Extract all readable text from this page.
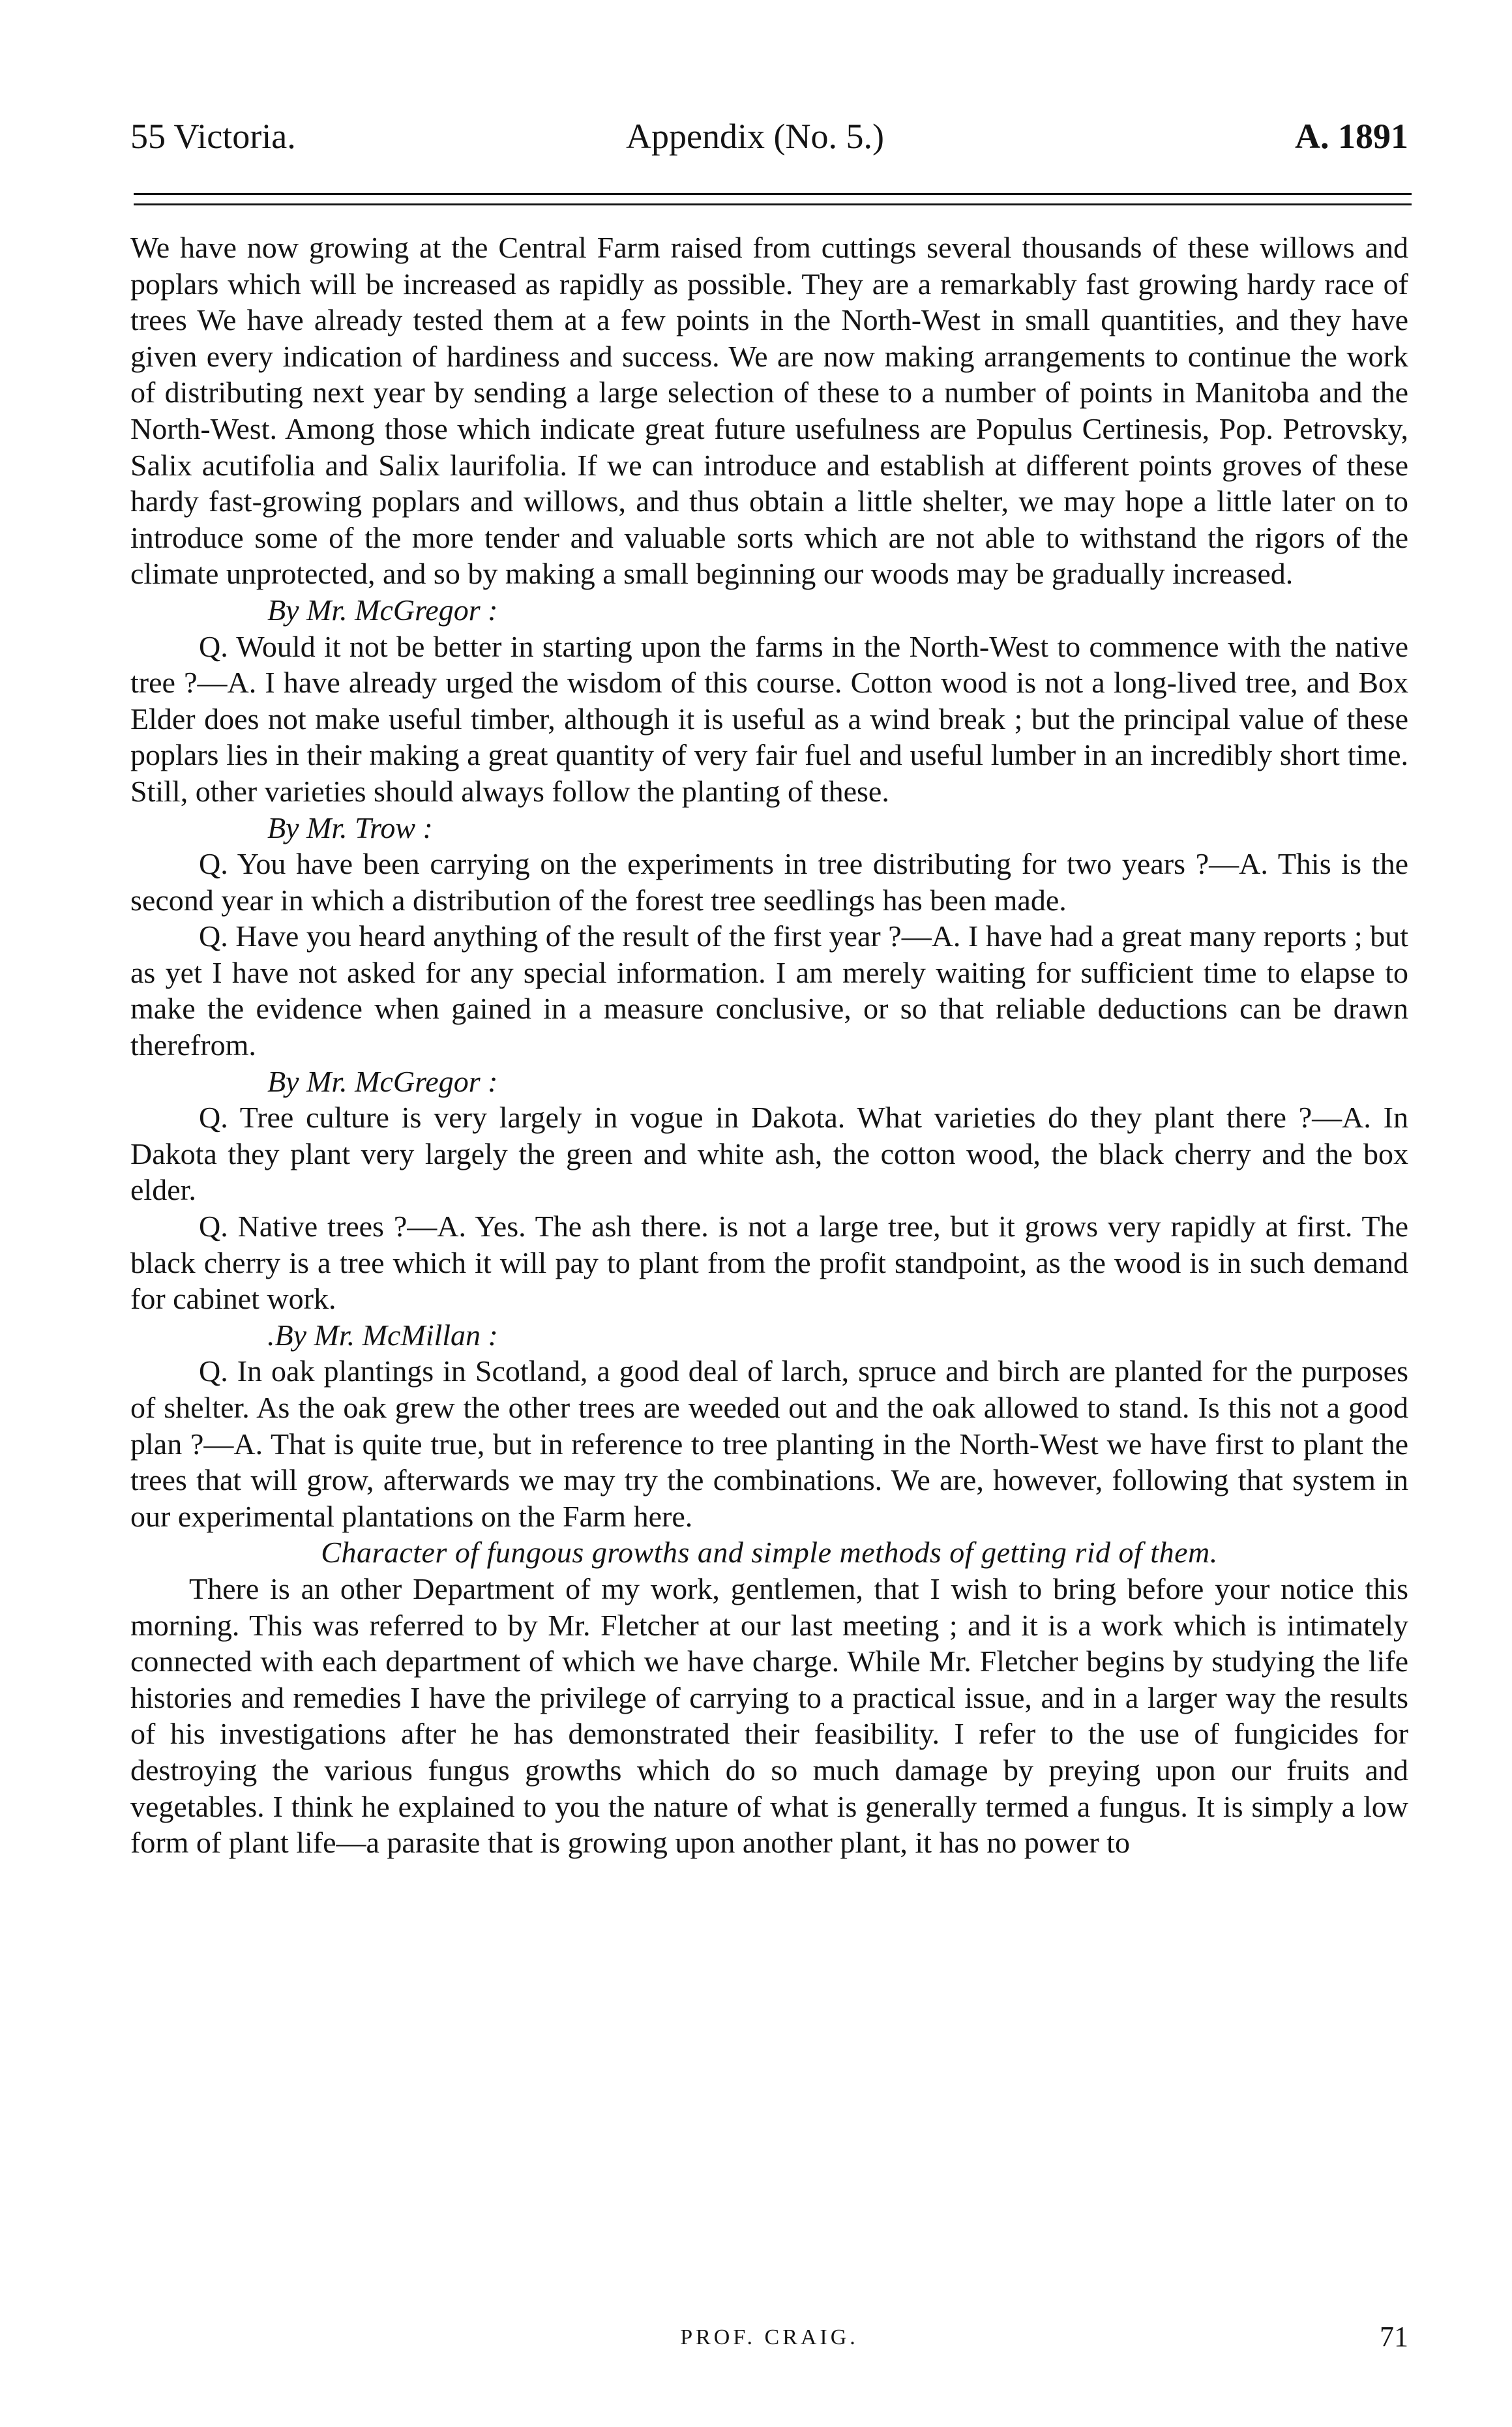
55 Victoria.	Appendix (No. 5.)	A. 1891

We have now growing at the Central Farm raised from cuttings several thousands of these willows and poplars which will be increased as rapidly as possible. They are a remarkably fast growing hardy race of trees We have already tested them at a few points in the North-West in small quantities, and they have given every indication of hardiness and success. We are now making arrangements to continue the work of distributing next year by sending a large selection of these to a number of points in Manitoba and the North-West. Among those which indicate great future usefulness are Populus Certinesis, Pop. Petrovsky, Salix acutifolia and Salix laurifolia. If we can introduce and establish at different points groves of these hardy fast-growing poplars and willows, and thus obtain a little shelter, we may hope a little later on to introduce some of the more tender and valuable sorts which are not able to withstand the rigors of the climate unprotected, and so by making a small beginning our woods may be gradually increased.

By Mr. McGregor :

Q. Would it not be better in starting upon the farms in the North-West to commence with the native tree ?—A. I have already urged the wisdom of this course. Cotton wood is not a long-lived tree, and Box Elder does not make useful timber, although it is useful as a wind break ; but the principal value of these poplars lies in their making a great quantity of very fair fuel and useful lumber in an incredibly short time. Still, other varieties should always follow the planting of these.

By Mr. Trow :

Q. You have been carrying on the experiments in tree distributing for two years ?—A. This is the second year in which a distribution of the forest tree seedlings has been made.

Q. Have you heard anything of the result of the first year ?—A. I have had a great many reports ; but as yet I have not asked for any special information. I am merely waiting for sufficient time to elapse to make the evidence when gained in a measure conclusive, or so that reliable deductions can be drawn therefrom.

By Mr. McGregor :

Q. Tree culture is very largely in vogue in Dakota. What varieties do they plant there ?—A. In Dakota they plant very largely the green and white ash, the cotton wood, the black cherry and the box elder.

Q. Native trees ?—A. Yes. The ash there. is not a large tree, but it grows very rapidly at first. The black cherry is a tree which it will pay to plant from the profit standpoint, as the wood is in such demand for cabinet work.

.By Mr. McMillan :

Q. In oak plantings in Scotland, a good deal of larch, spruce and birch are planted for the purposes of shelter. As the oak grew the other trees are weeded out and the oak allowed to stand. Is this not a good plan ?—A. That is quite true, but in reference to tree planting in the North-West we have first to plant the trees that will grow, afterwards we may try the combinations. We are, however, following that system in our experimental plantations on the Farm here.

Character of fungous growths and simple methods of getting rid of them.

There is an other Department of my work, gentlemen, that I wish to bring before your notice this morning. This was referred to by Mr. Fletcher at our last meeting ; and it is a work which is intimately connected with each department of which we have charge. While Mr. Fletcher begins by studying the life histories and remedies I have the privilege of carrying to a practical issue, and in a larger way the results of his investigations after he has demonstrated their feasibility. I refer to the use of fungicides for destroying the various fungus growths which do so much damage by preying upon our fruits and vegetables. I think he explained to you the nature of what is generally termed a fungus. It is simply a low form of plant life—a parasite that is growing upon another plant, it has no power to

PROF. CRAIG.	71
